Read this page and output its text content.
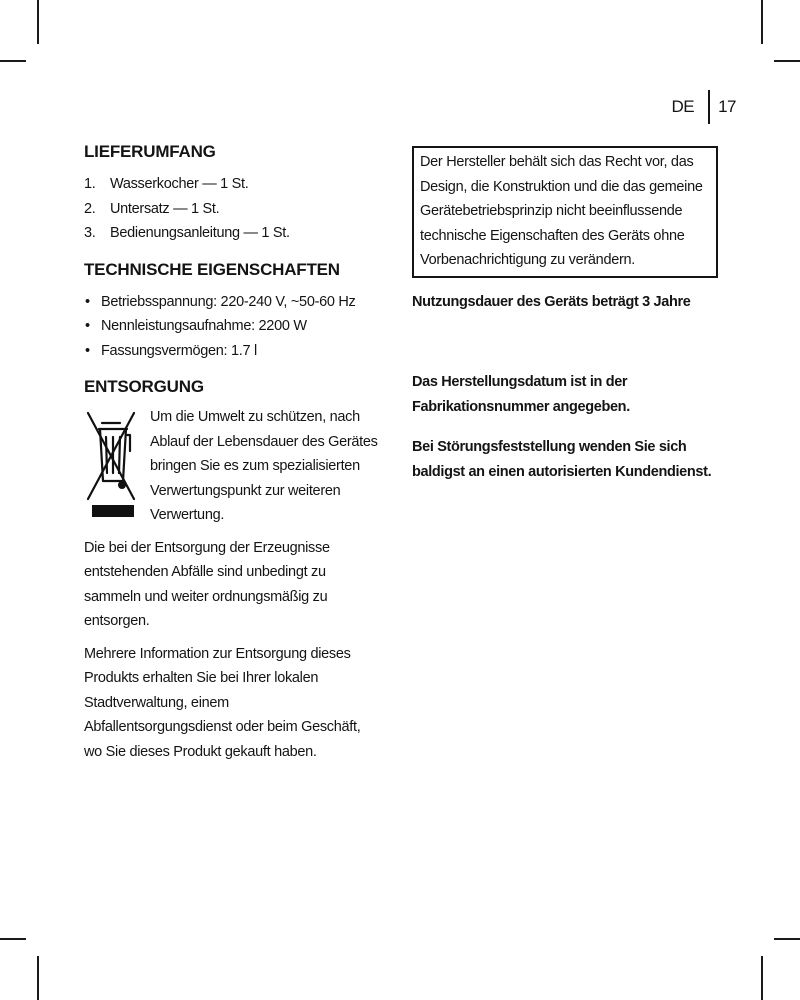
DE 17
LIEFERUMFANG
1.	Wasserkocher — 1 St.
2.	Untersatz — 1 St.
3.	Bedienungsanleitung — 1 St.
TECHNISCHE EIGENSCHAFTEN
• Betriebsspannung: 220-240 V, ~50-60 Hz
• Nennleistungsaufnahme: 2200 W
• Fassungsvermögen: 1.7 l
ENTSORGUNG

Um die Umwelt zu schützen, nach Ablauf der Lebensdauer des Gerätes bringen Sie es zum spezialisierten Verwertungspunkt zur weiteren Verwertung.

Die bei der Entsorgung der Erzeugnisse entstehenden Abfälle sind unbedingt zu sammeln und weiter ordnungsmäßig zu entsorgen.

Mehrere Information zur Entsorgung dieses Produkts erhalten Sie bei Ihrer lokalen Stadtverwaltung, einem Abfallentsorgungsdienst oder beim Geschäft, wo Sie dieses Produkt gekauft haben.

Der Hersteller behält sich das Recht vor, das Design, die Konstruktion und die das gemeine Gerätebetriebsprinzip nicht beeinflussende technische Eigenschaften des Geräts ohne Vorbenachrichtigung zu verändern.

Nutzungsdauer des Geräts beträgt 3 Jahre

Das Herstellungsdatum ist in der Fabrikationsnummer angegeben.

Bei Störungsfeststellung wenden Sie sich baldigst an einen autorisierten Kundendienst.
